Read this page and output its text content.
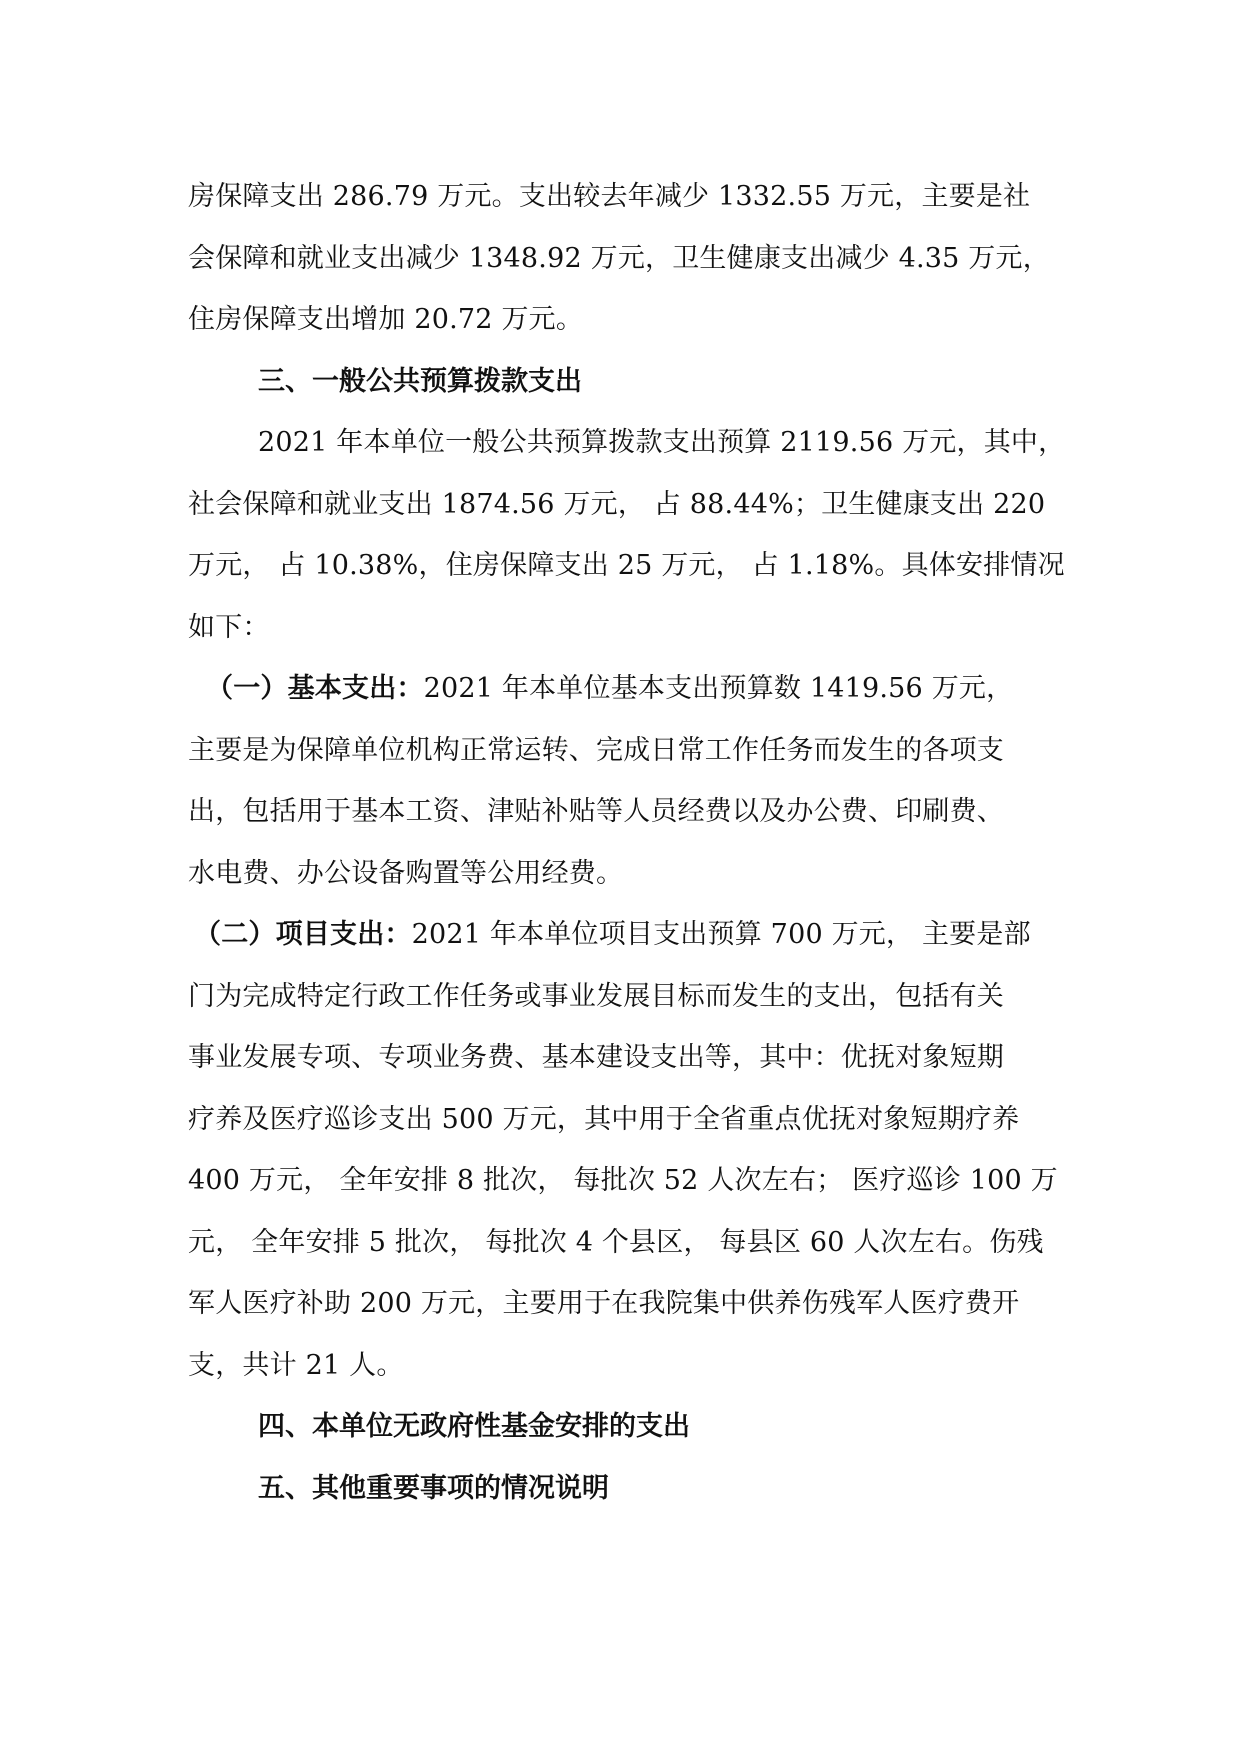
房保障支出 286.79 万元。支出较去年减少 1332.55 万元，主要是社
会保障和就业支出减少 1348.92 万元，卫生健康支出减少 4.35 万元，
住房保障支出增加 20.72 万元。
三、一般公共预算拨款支出
2021 年本单位一般公共预算拨款支出预算 2119.56 万元，其中，
社会保障和就业支出 1874.56 万元， 占 88.44%；卫生健康支出 220
万元， 占 10.38%，住房保障支出 25 万元， 占 1.18%。具体安排情况
如下：
（一）基本支出：2021 年本单位基本支出预算数 1419.56 万元，
主要是为保障单位机构正常运转、完成日常工作任务而发生的各项支
出，包括用于基本工资、津贴补贴等人员经费以及办公费、印刷费、
水电费、办公设备购置等公用经费。
（二）项目支出：2021 年本单位项目支出预算 700 万元， 主要是部
门为完成特定行政工作任务或事业发展目标而发生的支出，包括有关
事业发展专项、专项业务费、基本建设支出等，其中：优抚对象短期
疗养及医疗巡诊支出 500 万元，其中用于全省重点优抚对象短期疗养
400 万元， 全年安排 8 批次， 每批次 52 人次左右； 医疗巡诊 100 万
元， 全年安排 5 批次， 每批次 4 个县区， 每县区 60 人次左右。伤残
军人医疗补助 200 万元，主要用于在我院集中供养伤残军人医疗费开
支，共计 21 人。
四、本单位无政府性基金安排的支出
五、其他重要事项的情况说明
